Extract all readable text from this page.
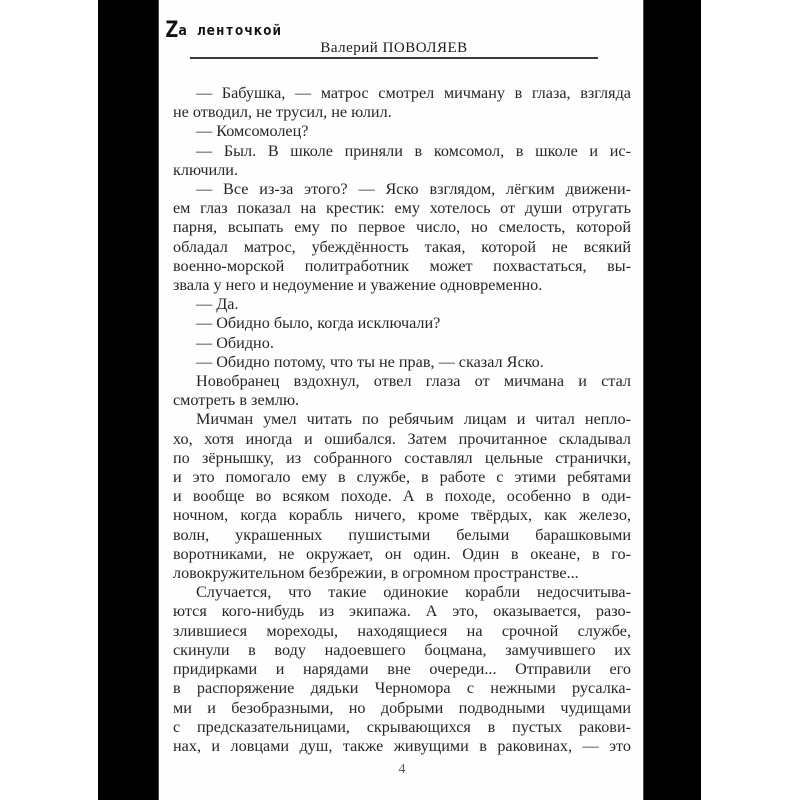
Zа ленточкой
Валерий ПОВОЛЯЕВ
— Бабушка, — матрос смотрел мичману в глаза, взгляда
не отводил, не трусил, не юлил.
— Комсомолец?
— Был. В школе приняли в комсомол, в школе и ис-
ключили.
— Все из-за этого? — Яско взглядом, лёгким движени-
ем глаз показал на крестик: ему хотелось от души отругать
парня, всыпать ему по первое число, но смелость, которой
обладал матрос, убеждённость такая, которой не всякий
военно-морской политработник может похвастаться, вы-
звала у него и недоумение и уважение одновременно.
— Да.
— Обидно было, когда исключали?
— Обидно.
— Обидно потому, что ты не прав, — сказал Яско.
Новобранец вздохнул, отвел глаза от мичмана и стал
смотреть в землю.
Мичман умел читать по ребячьим лицам и читал непло-
хо, хотя иногда и ошибался. Затем прочитанное складывал
по зёрнышку, из собранного составлял цельные странички,
и это помогало ему в службе, в работе с этими ребятами
и вообще во всяком походе. А в походе, особенно в оди-
ночном, когда корабль ничего, кроме твёрдых, как железо,
волн, украшенных пушистыми белыми барашковыми
воротниками, не окружает, он один. Один в океане, в го-
ловокружительном безбрежии, в огромном пространстве...
Случается, что такие одинокие корабли недосчитыва-
ются кого-нибудь из экипажа. А это, оказывается, разо-
злившиеся мореходы, находящиеся на срочной службе,
скинули в воду надоевшего боцмана, замучившего их
придирками и нарядами вне очереди... Отправили его
в распоряжение дядьки Черномора с нежными русалка-
ми и безобразными, но добрыми подводными чудищами
с предсказательницами, скрывающихся в пустых ракови-
нах, и ловцами душ, также живущими в раковинах, — это
4
